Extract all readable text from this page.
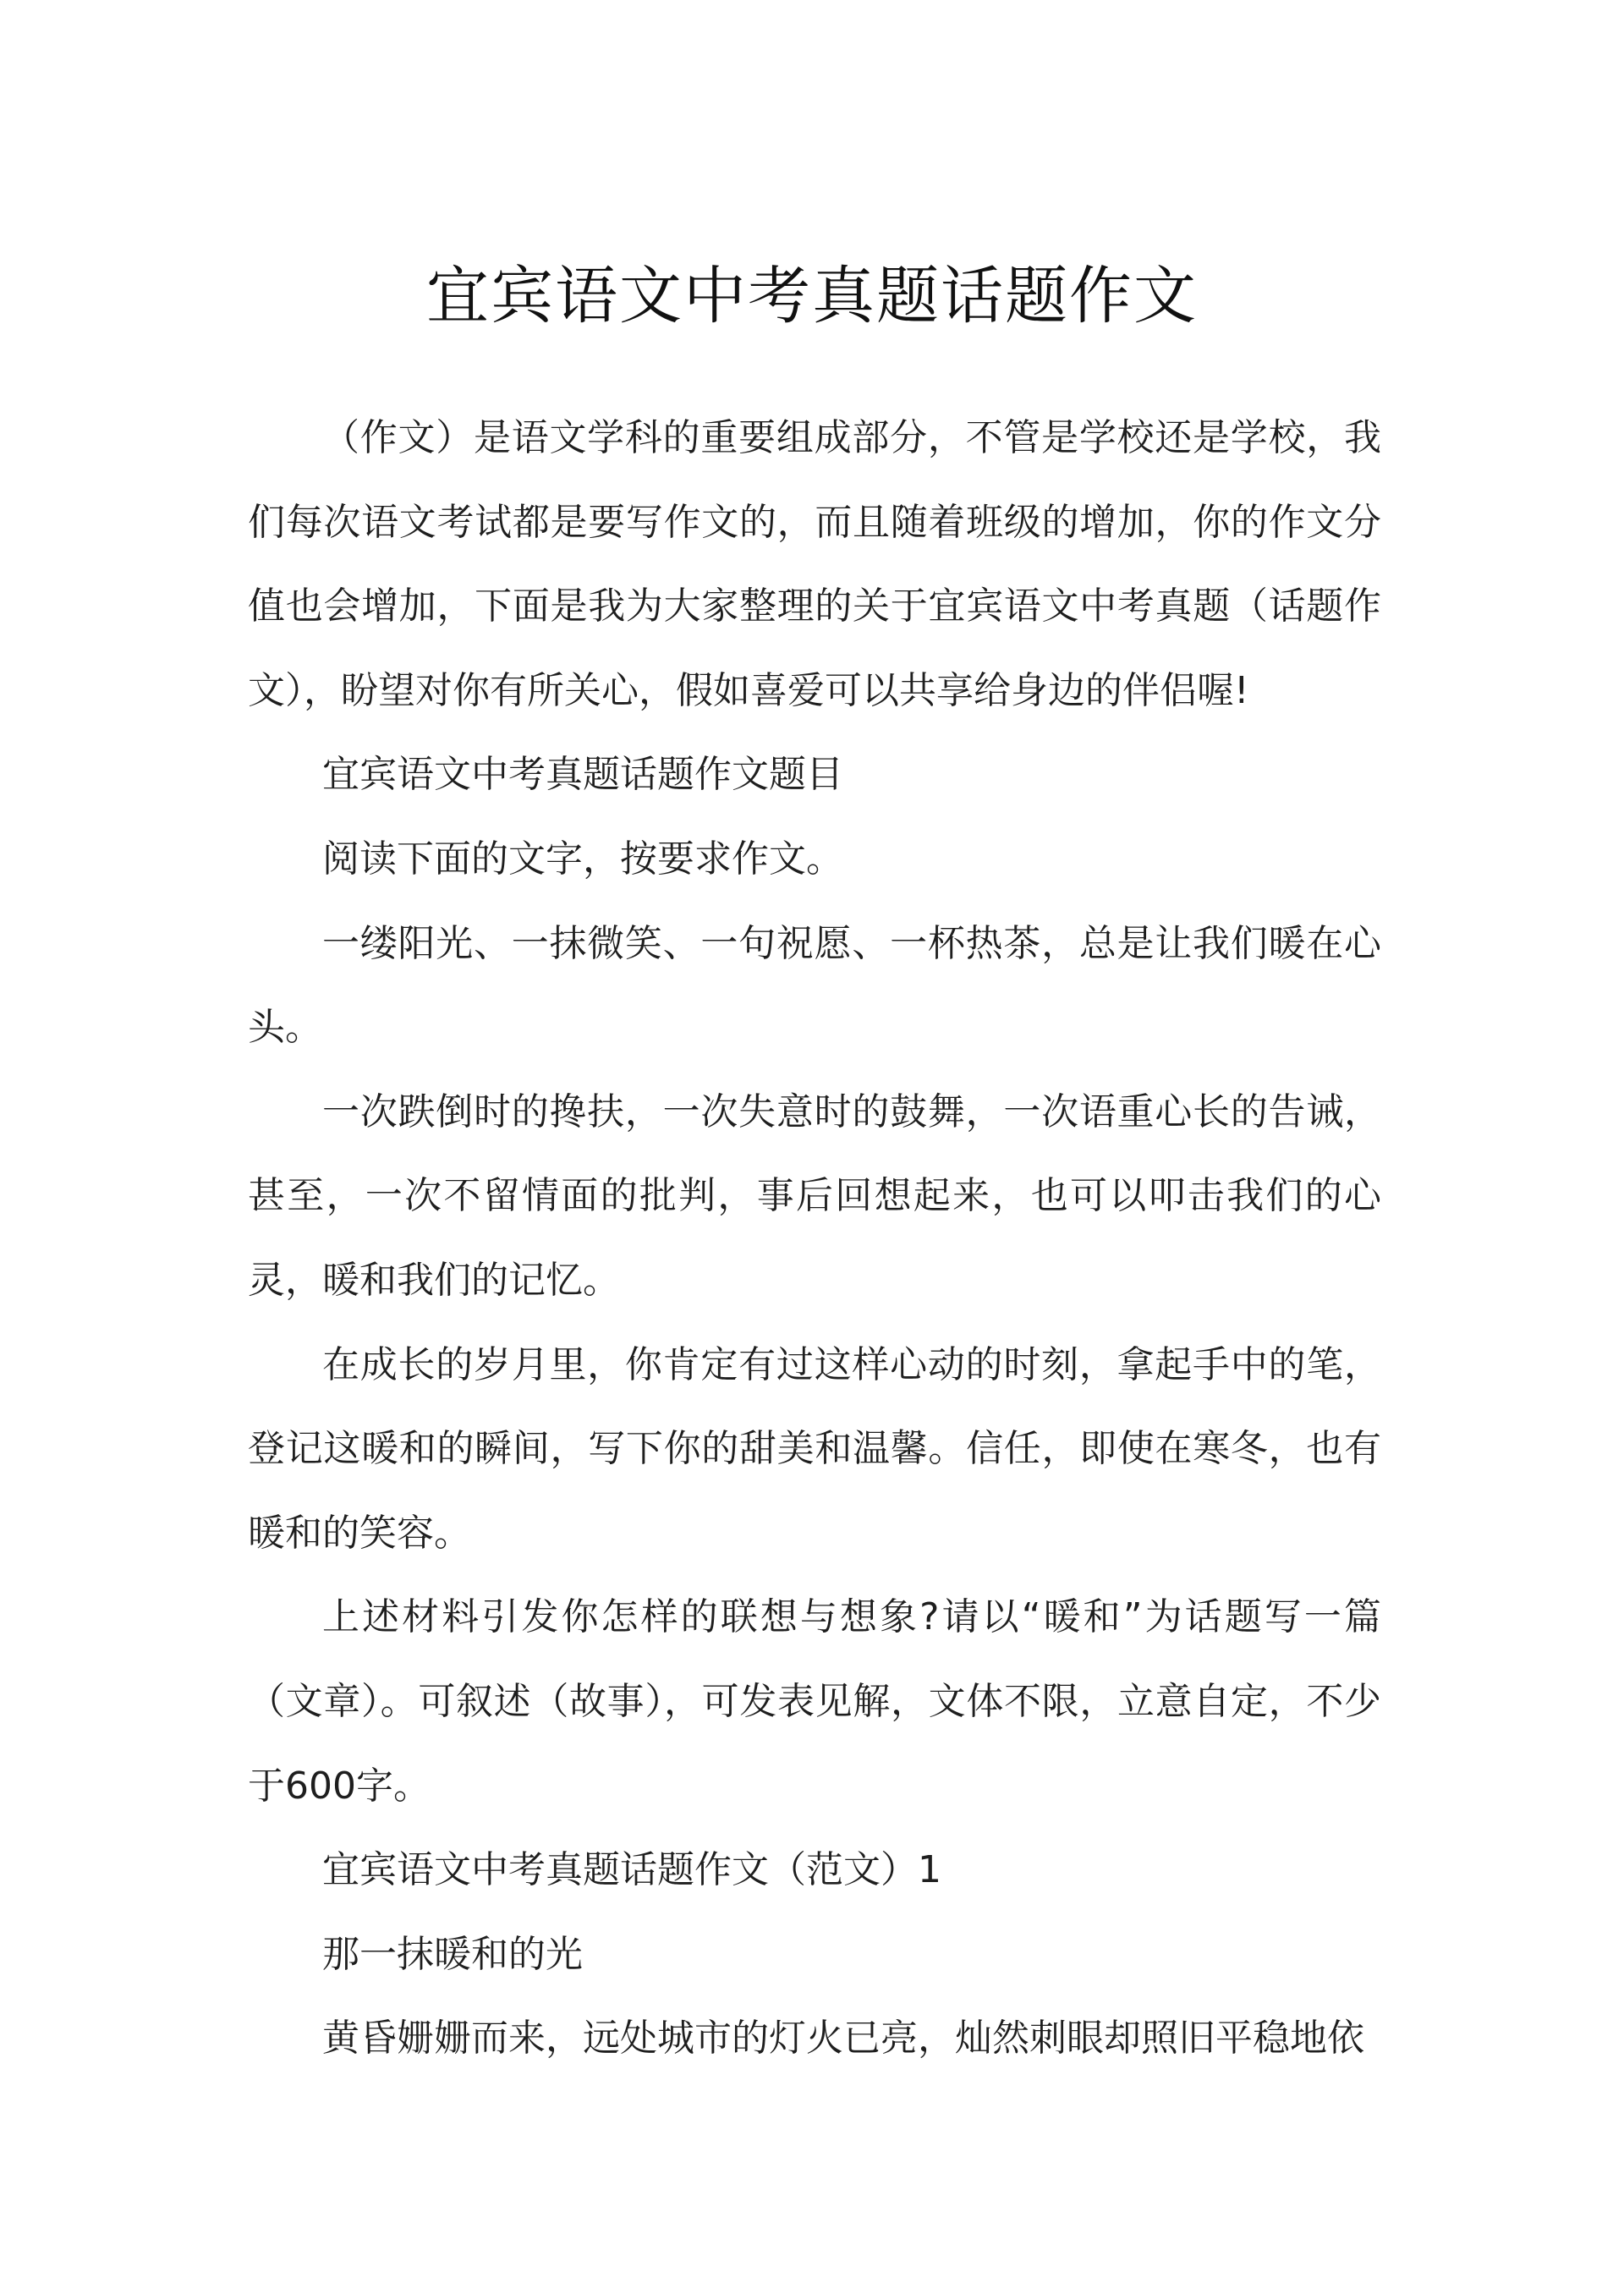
宜宾语文中考真题话题作文

（作文）是语文学科的重要组成部分，不管是学校还是学校，我们每次语文考试都是要写作文的，而且随着班级的增加，你的作文分值也会增加，下面是我为大家整理的关于宜宾语文中考真题（话题作文），盼望对你有所关心，假如喜爱可以共享给身边的伴侣喔!

宜宾语文中考真题话题作文题目

阅读下面的文字，按要求作文。

一缕阳光、一抹微笑、一句祝愿、一杯热茶，总是让我们暖在心头。

一次跌倒时的搀扶，一次失意时的鼓舞，一次语重心长的告诫，甚至，一次不留情面的批判，事后回想起来，也可以叩击我们的心灵，暖和我们的记忆。

在成长的岁月里，你肯定有过这样心动的时刻，拿起手中的笔，登记这暖和的瞬间，写下你的甜美和温馨。信任，即使在寒冬，也有暖和的笑容。

上述材料引发你怎样的联想与想象?请以“暖和”为话题写一篇（文章）。可叙述（故事），可发表见解，文体不限，立意自定，不少于600字。

宜宾语文中考真题话题作文（范文）1

那一抹暖和的光

黄昏姗姗而来，远处城市的灯火已亮，灿然刺眼却照旧平稳地依
